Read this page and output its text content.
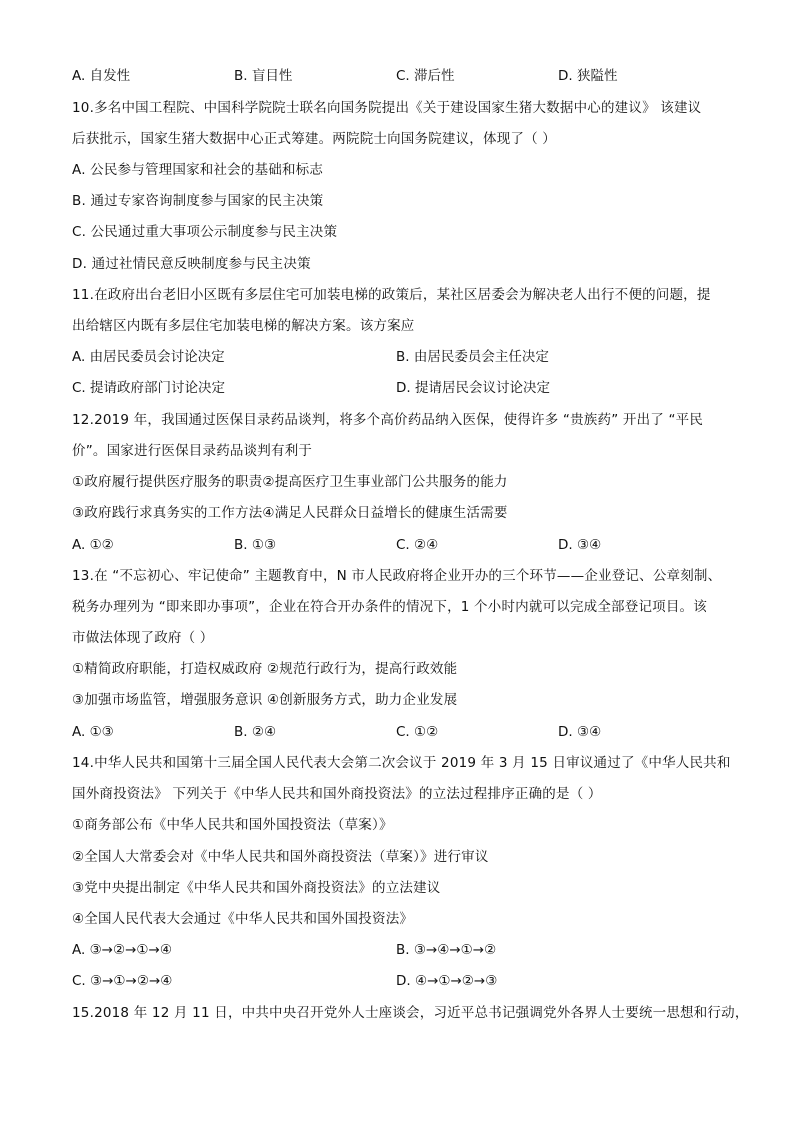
A. 自发性	B. 盲目性	C. 滞后性	D. 狭隘性
10.多名中国工程院、中国科学院院士联名向国务院提出《关于建设国家生猪大数据中心的建议》 该建议
后获批示，国家生猪大数据中心正式筹建。两院院士向国务院建议，体现了（ ）
A. 公民参与管理国家和社会的基础和标志
B. 通过专家咨询制度参与国家的民主决策
C. 公民通过重大事项公示制度参与民主决策
D. 通过社情民意反映制度参与民主决策
11.在政府出台老旧小区既有多层住宅可加装电梯的政策后，某社区居委会为解决老人出行不便的问题，提
出给辖区内既有多层住宅加装电梯的解决方案。该方案应
A. 由居民委员会讨论决定	B. 由居民委员会主任决定
C. 提请政府部门讨论决定	D. 提请居民会议讨论决定
12.2019 年，我国通过医保目录药品谈判，将多个高价药品纳入医保，使得许多 “贵族药” 开出了 “平民
价”。国家进行医保目录药品谈判有利于
①政府履行提供医疗服务的职责②提高医疗卫生事业部门公共服务的能力
③政府践行求真务实的工作方法④满足人民群众日益增长的健康生活需要
A. ①②	B. ①③	C. ②④	D. ③④
13.在 “不忘初心、牢记使命” 主题教育中，N 市人民政府将企业开办的三个环节——企业登记、公章刻制、
税务办理列为 “即来即办事项”，企业在符合开办条件的情况下，1 个小时内就可以完成全部登记项目。该
市做法体现了政府（ ）
①精简政府职能，打造权威政府 ②规范行政行为，提高行政效能
③加强市场监管，增强服务意识 ④创新服务方式，助力企业发展
A. ①③	B. ②④	C. ①②	D. ③④
14.中华人民共和国第十三届全国人民代表大会第二次会议于 2019 年 3 月 15 日审议通过了《中华人民共和
国外商投资法》 下列关于《中华人民共和国外商投资法》的立法过程排序正确的是（ ）
①商务部公布《中华人民共和国外国投资法（草案）》
②全国人大常委会对《中华人民共和国外商投资法（草案）》进行审议
③党中央提出制定《中华人民共和国外商投资法》的立法建议
④全国人民代表大会通过《中华人民共和国外国投资法》
A. ③→②→①→④	B. ③→④→①→②
C. ③→①→②→④	D. ④→①→②→③
15.2018 年 12 月 11 日，中共中央召开党外人士座谈会，习近平总书记强调党外各界人士要统一思想和行动，
